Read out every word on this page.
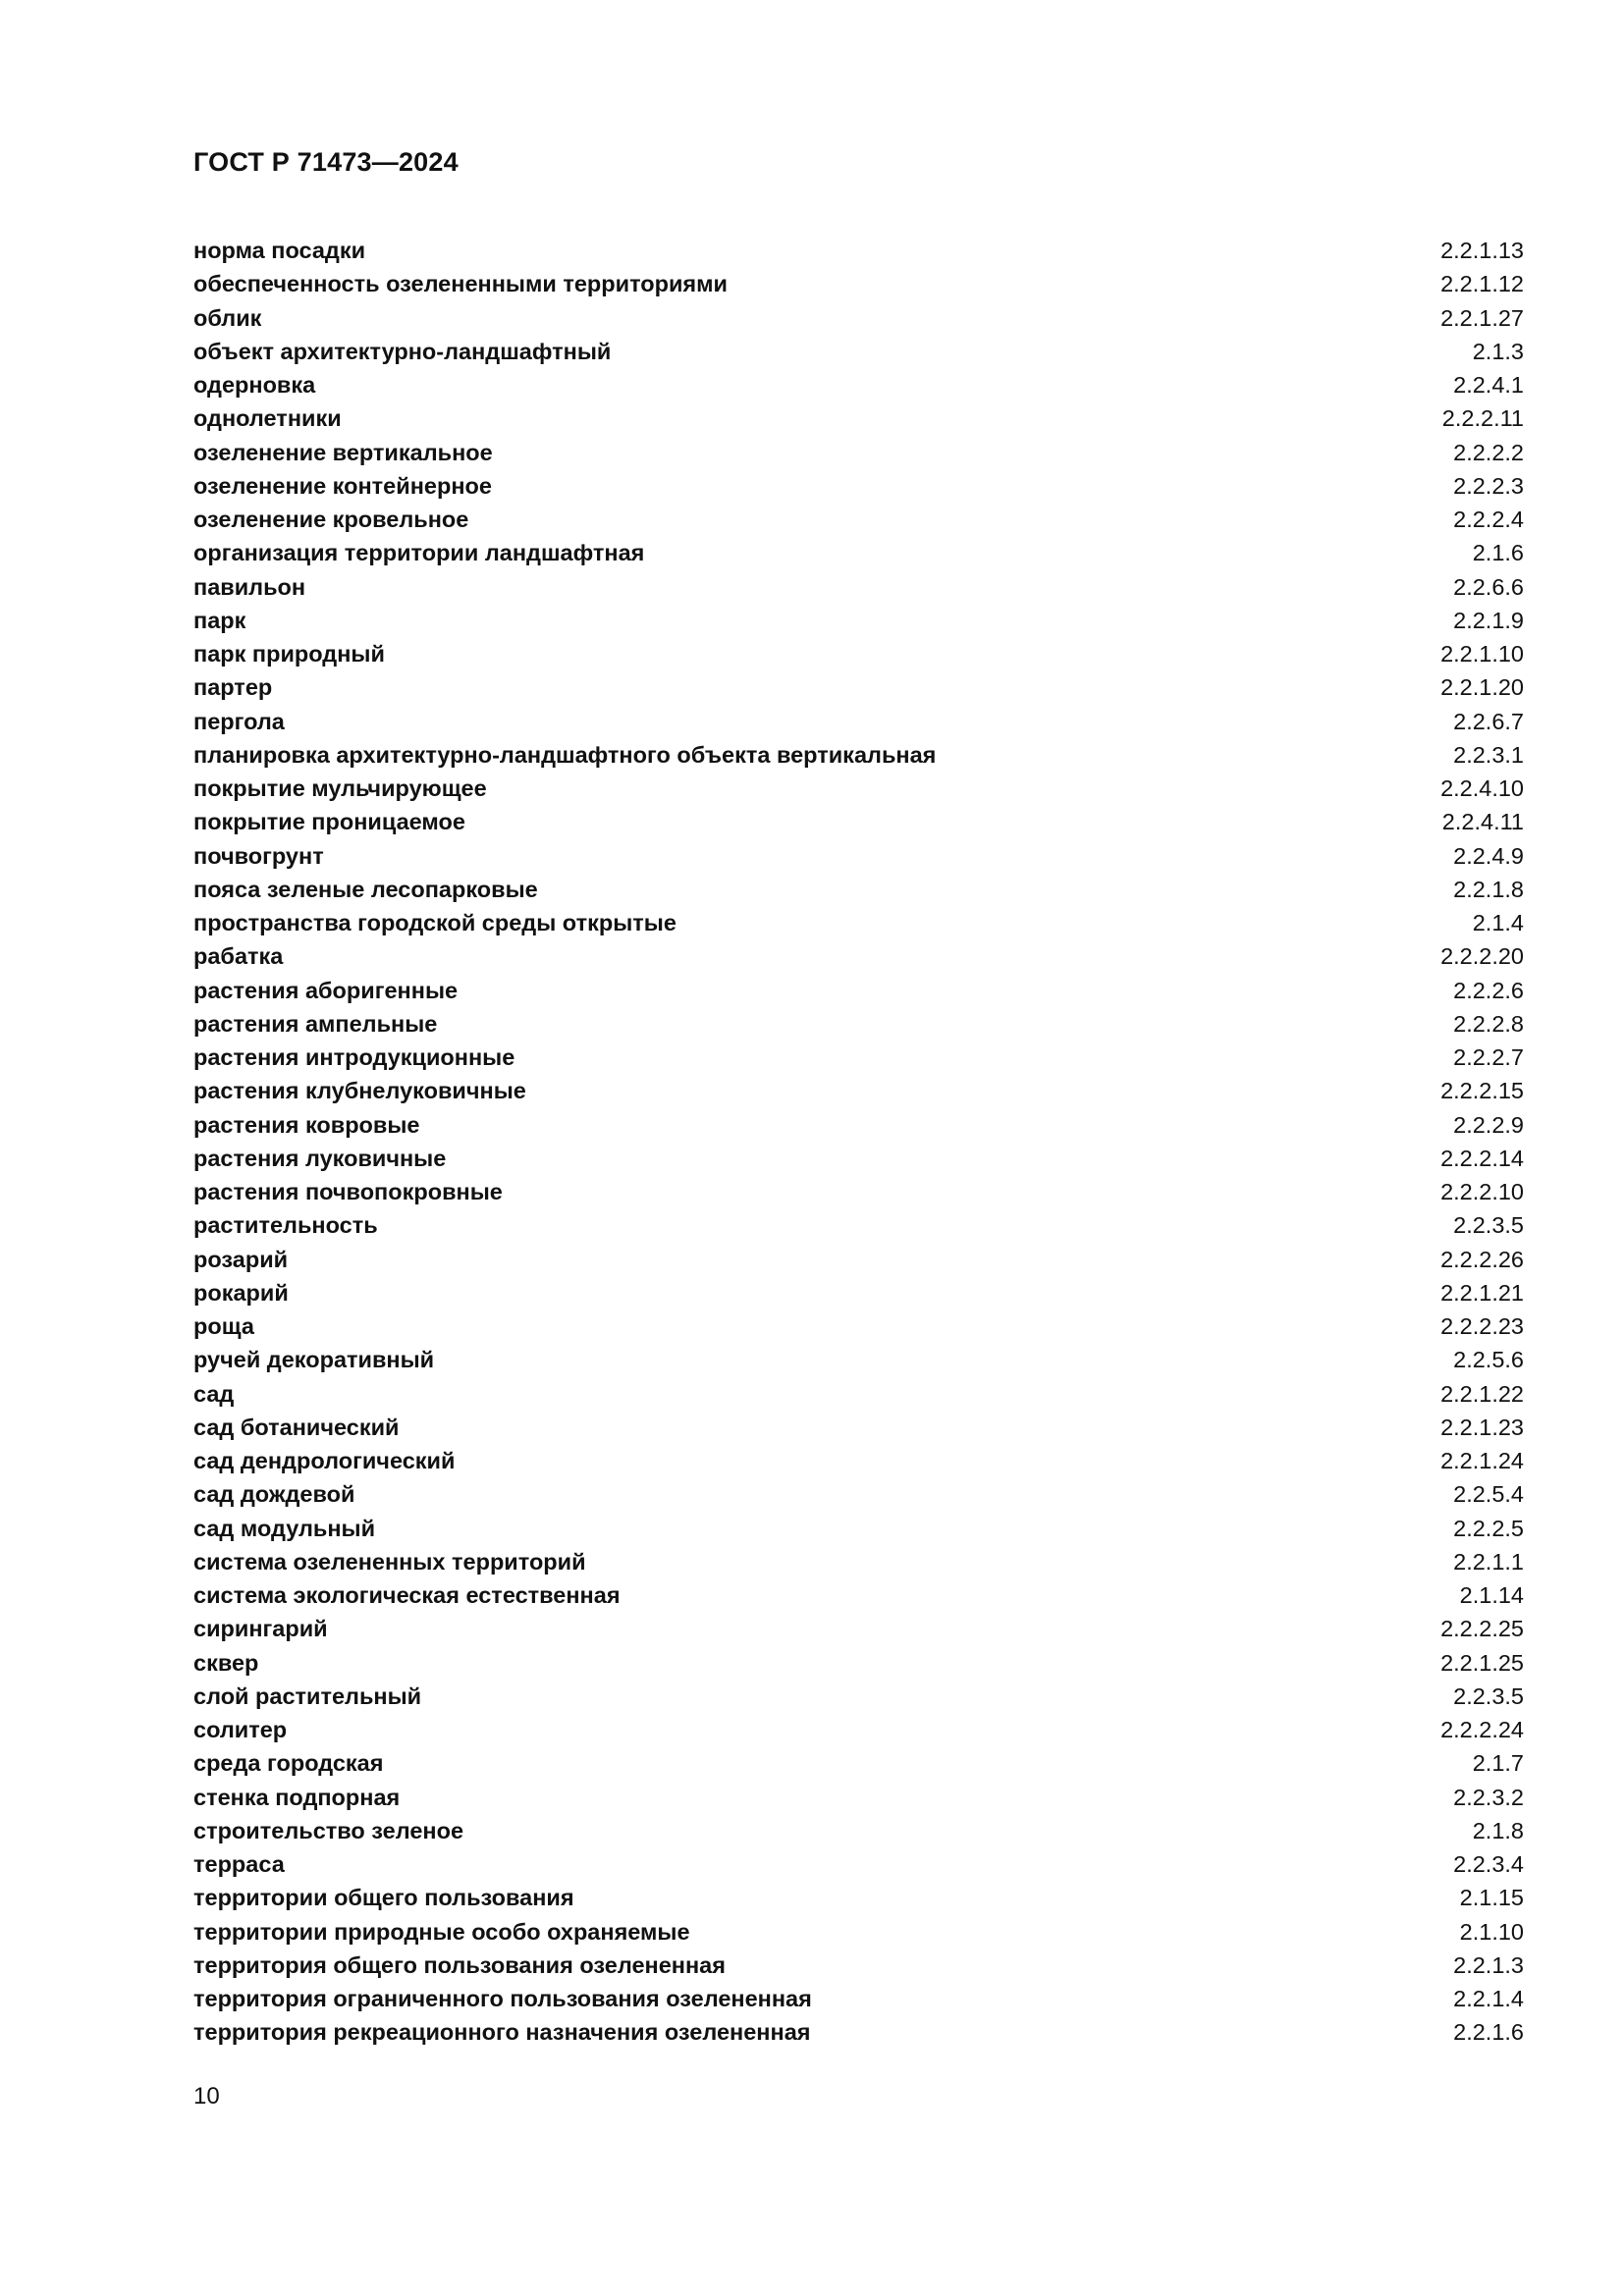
ГОСТ Р 71473—2024
норма посадки	2.2.1.13
обеспеченность озелененными территориями	2.2.1.12
облик	2.2.1.27
объект архитектурно-ландшафтный	2.1.3
одерновка	2.2.4.1
однолетники	2.2.2.11
озеленение вертикальное	2.2.2.2
озеленение контейнерное	2.2.2.3
озеленение кровельное	2.2.2.4
организация территории ландшафтная	2.1.6
павильон	2.2.6.6
парк	2.2.1.9
парк природный	2.2.1.10
партер	2.2.1.20
пергола	2.2.6.7
планировка архитектурно-ландшафтного объекта вертикальная	2.2.3.1
покрытие мульчирующее	2.2.4.10
покрытие проницаемое	2.2.4.11
почвогрунт	2.2.4.9
пояса зеленые лесопарковые	2.2.1.8
пространства городской среды открытые	2.1.4
рабатка	2.2.2.20
растения аборигенные	2.2.2.6
растения ампельные	2.2.2.8
растения интродукционные	2.2.2.7
растения клубнелуковичные	2.2.2.15
растения ковровые	2.2.2.9
растения луковичные	2.2.2.14
растения почвопокровные	2.2.2.10
растительность	2.2.3.5
розарий	2.2.2.26
рокарий	2.2.1.21
роща	2.2.2.23
ручей декоративный	2.2.5.6
сад	2.2.1.22
сад ботанический	2.2.1.23
сад дендрологический	2.2.1.24
сад дождевой	2.2.5.4
сад модульный	2.2.2.5
система озелененных территорий	2.2.1.1
система экологическая естественная	2.1.14
сирингарий	2.2.2.25
сквер	2.2.1.25
слой растительный	2.2.3.5
солитер	2.2.2.24
среда городская	2.1.7
стенка подпорная	2.2.3.2
строительство зеленое	2.1.8
терраса	2.2.3.4
территории общего пользования	2.1.15
территории природные особо охраняемые	2.1.10
территория общего пользования озелененная	2.2.1.3
территория ограниченного пользования озелененная	2.2.1.4
территория рекреационного назначения озелененная	2.2.1.6
10
